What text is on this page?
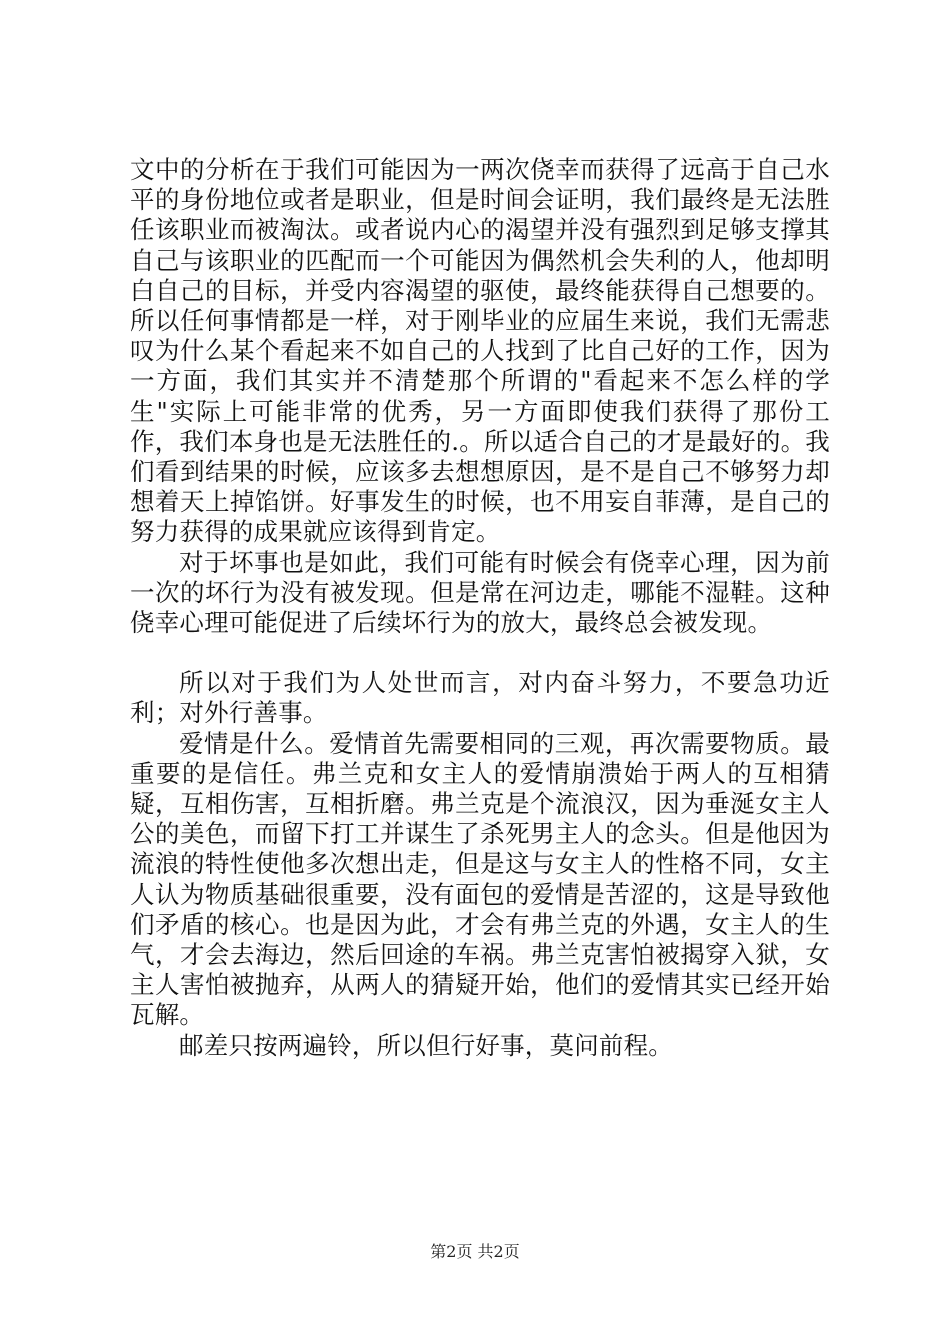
文中的分析在于我们可能因为一两次侥幸而获得了远高于自己水平的身份地位或者是职业，但是时间会证明，我们最终是无法胜任该职业而被淘汰。或者说内心的渴望并没有强烈到足够支撑其自己与该职业的匹配而一个可能因为偶然机会失利的人，他却明白自己的目标，并受内容渴望的驱使，最终能获得自己想要的。所以任何事情都是一样，对于刚毕业的应届生来说，我们无需悲叹为什么某个看起来不如自己的人找到了比自己好的工作，因为一方面，我们其实并不清楚那个所谓的"看起来不怎么样的学生"实际上可能非常的优秀，另一方面即使我们获得了那份工作，我们本身也是无法胜任的.。所以适合自己的才是最好的。我们看到结果的时候，应该多去想想原因，是不是自己不够努力却想着天上掉馅饼。好事发生的时候，也不用妄自菲薄，是自己的努力获得的成果就应该得到肯定。

对于坏事也是如此，我们可能有时候会有侥幸心理，因为前一次的坏行为没有被发现。但是常在河边走，哪能不湿鞋。这种侥幸心理可能促进了后续坏行为的放大，最终总会被发现。

所以对于我们为人处世而言，对内奋斗努力，不要急功近利；对外行善事。

爱情是什么。爱情首先需要相同的三观，再次需要物质。最重要的是信任。弗兰克和女主人的爱情崩溃始于两人的互相猜疑，互相伤害，互相折磨。弗兰克是个流浪汉，因为垂涎女主人公的美色，而留下打工并谋生了杀死男主人的念头。但是他因为流浪的特性使他多次想出走，但是这与女主人的性格不同，女主人认为物质基础很重要，没有面包的爱情是苦涩的，这是导致他们矛盾的核心。也是因为此，才会有弗兰克的外遇，女主人的生气，才会去海边，然后回途的车祸。弗兰克害怕被揭穿入狱，女主人害怕被抛弃，从两人的猜疑开始，他们的爱情其实已经开始瓦解。

邮差只按两遍铃，所以但行好事，莫问前程。

第2页 共2页
